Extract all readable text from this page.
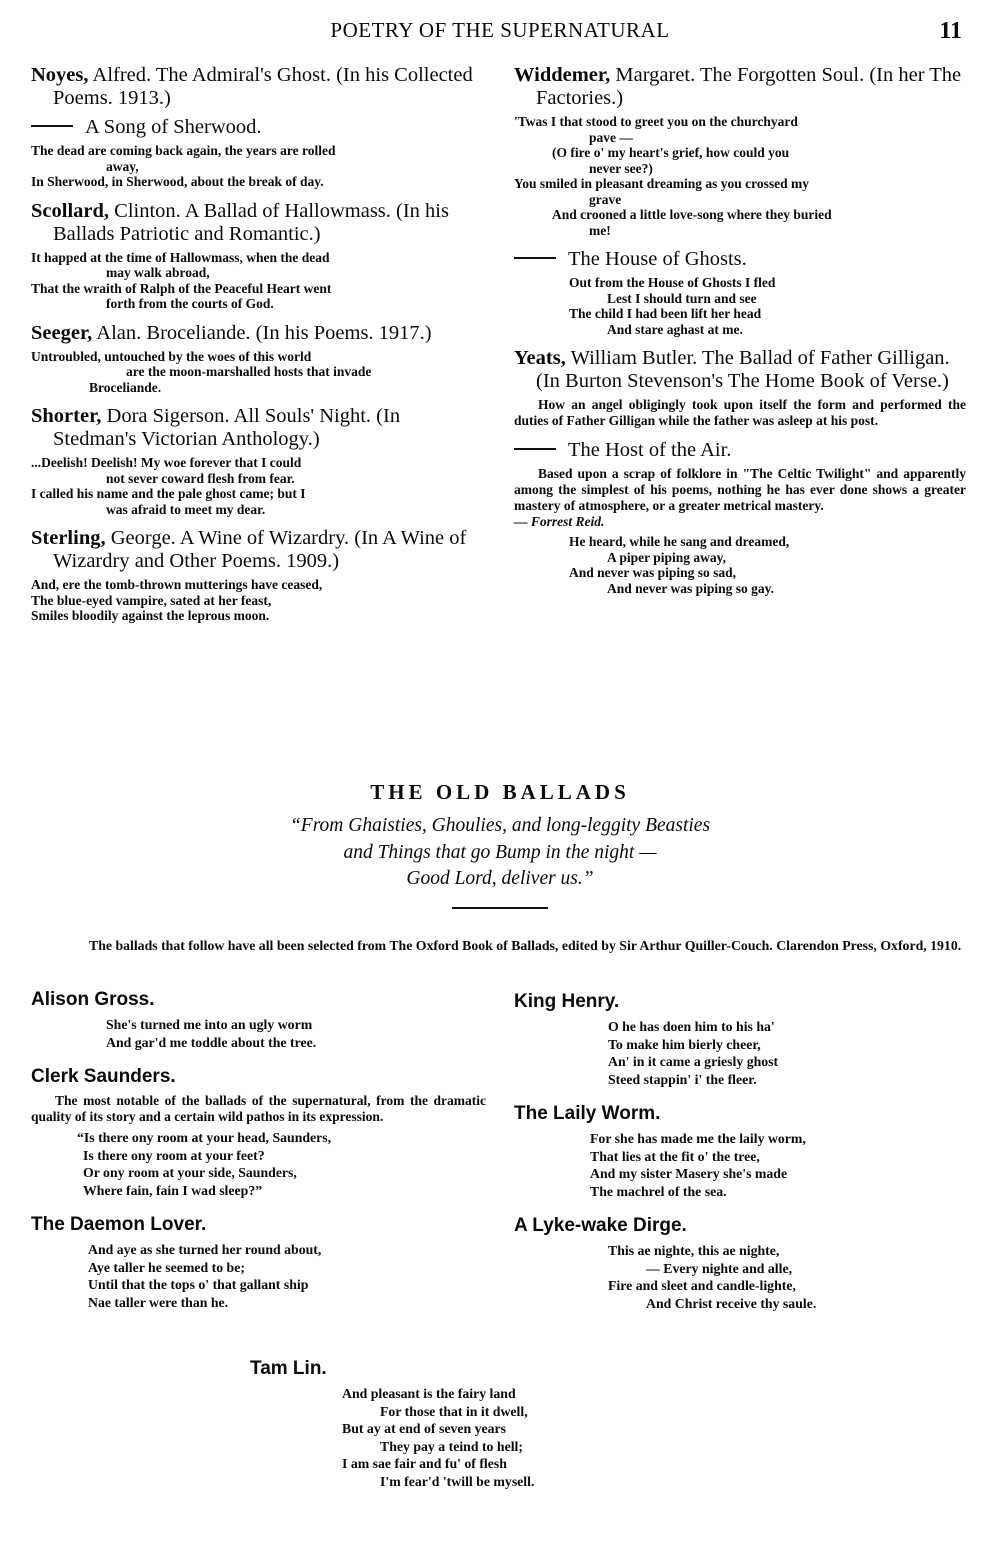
POETRY OF THE SUPERNATURAL	11
Noyes, Alfred. The Admiral's Ghost. (In his Collected Poems. 1913.)
A Song of Sherwood.
The dead are coming back again, the years are rolled
away,
In Sherwood, in Sherwood, about the break of day.
Scollard, Clinton. A Ballad of Hallowmass. (In his Ballads Patriotic and Romantic.)
It happed at the time of Hallowmass, when the dead
may walk abroad,
That the wraith of Ralph of the Peaceful Heart went
forth from the courts of God.
Seeger, Alan. Broceliande. (In his Poems. 1917.)
Untroubled, untouched by the woes of this world
are the moon-marshalled hosts that invade
Broceliande.
Shorter, Dora Sigerson. All Souls' Night. (In Stedman's Victorian Anthology.)
...Deelish! Deelish! My woe forever that I could
not sever coward flesh from fear.
I called his name and the pale ghost came; but I
was afraid to meet my dear.
Sterling, George. A Wine of Wizardry. (In A Wine of Wizardry and Other Poems. 1909.)
And, ere the tomb-thrown mutterings have ceased,
The blue-eyed vampire, sated at her feast,
Smiles bloodily against the leprous moon.
Widdemer, Margaret. The Forgotten Soul. (In her The Factories.)
'Twas I that stood to greet you on the churchyard
pave —
(O fire o' my heart's grief, how could you
never see?)
You smiled in pleasant dreaming as you crossed my
grave
And crooned a little love-song where they buried
me!
The House of Ghosts.
Out from the House of Ghosts I fled
Lest I should turn and see
The child I had been lift her head
And stare aghast at me.
Yeats, William Butler. The Ballad of Father Gilligan. (In Burton Stevenson's The Home Book of Verse.)

How an angel obligingly took upon itself the form and performed the duties of Father Gilligan while the father was asleep at his post.

The Host of the Air.

Based upon a scrap of folklore in "The Celtic Twilight" and apparently among the simplest of his poems, nothing he has ever done shows a greater mastery of atmosphere, or a greater metrical mastery.
— Forrest Reid.

He heard, while he sang and dreamed,
A piper piping away,
And never was piping so sad,
And never was piping so gay.
THE OLD BALLADS
“From Ghaisties, Ghoulies, and long-leggity Beasties
and Things that go Bump in the night —
Good Lord, deliver us.”

The ballads that follow have all been selected from The Oxford Book of Ballads, edited by Sir Arthur Quiller-Couch. Clarendon Press, Oxford, 1910.

Alison Gross.
She's turned me into an ugly worm
And gar'd me toddle about the tree.
Clerk Saunders.

The most notable of the ballads of the supernatural, from the dramatic quality of its story and a certain wild pathos in its expression.

“Is there ony room at your head, Saunders,
Is there ony room at your feet?
Or ony room at your side, Saunders,
Where fain, fain I wad sleep?”
The Daemon Lover.
And aye as she turned her round about,
Aye taller he seemed to be;
Until that the tops o' that gallant ship
Nae taller were than he.
King Henry.
O he has doen him to his ha'
To make him bierly cheer,
An' in it came a griesly ghost
Steed stappin' i' the fleer.
The Laily Worm.
For she has made me the laily worm,
That lies at the fit o' the tree,
And my sister Masery she's made
The machrel of the sea.
A Lyke-wake Dirge.
This ae nighte, this ae nighte,
— Every nighte and alle,
Fire and sleet and candle-lighte,
And Christ receive thy saule.
Tam Lin.
And pleasant is the fairy land
For those that in it dwell,
But ay at end of seven years
They pay a teind to hell;
I am sae fair and fu' of flesh
I'm fear'd 'twill be mysell.
